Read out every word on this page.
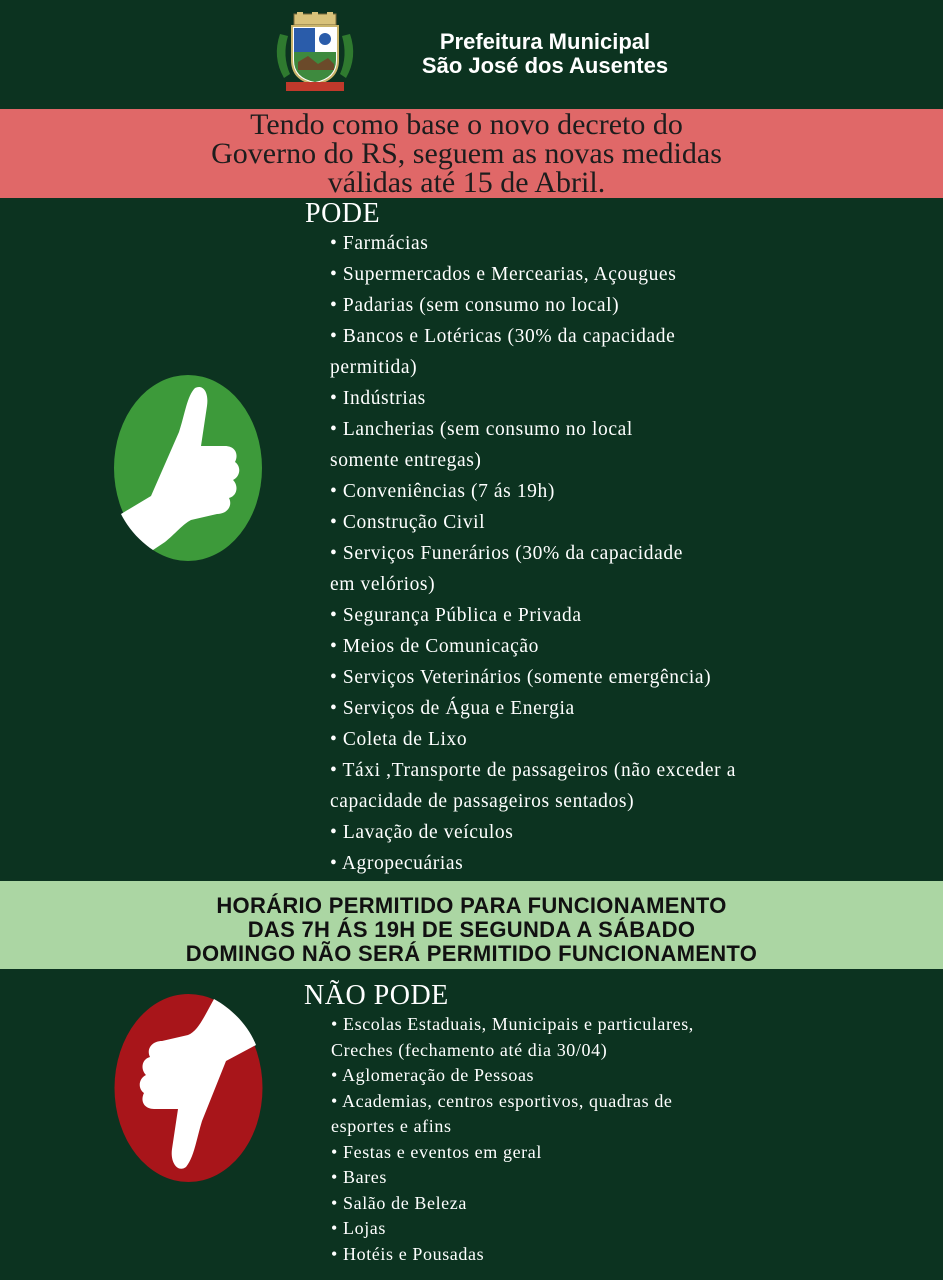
Prefeitura Municipal
São José dos Ausentes
Tendo como base o novo decreto do
Governo do RS, seguem as novas medidas
válidas até 15 de Abril.
PODE
• Farmácias
• Supermercados e Mercearias, Açougues
• Padarias (sem consumo no local)
• Bancos e Lotéricas (30% da capacidade
permitida)
• Indústrias
• Lancherias (sem consumo no local
somente entregas)
• Conveniências (7 ás 19h)
• Construção Civil
• Serviços Funerários (30% da capacidade
em velórios)
• Segurança Pública e Privada
• Meios de Comunicação
• Serviços Veterinários (somente emergência)
• Serviços de Água e Energia
• Coleta de Lixo
• Táxi ,Transporte de passageiros (não exceder a
capacidade de passageiros sentados)
• Lavação de veículos
• Agropecuárias
HORÁRIO PERMITIDO PARA FUNCIONAMENTO
DAS 7H ÁS 19H DE SEGUNDA A SÁBADO
DOMINGO NÃO SERÁ PERMITIDO FUNCIONAMENTO
NÃO PODE
• Escolas Estaduais, Municipais e particulares,
Creches (fechamento até dia 30/04)
• Aglomeração de Pessoas
• Academias, centros esportivos, quadras de
esportes e afins
• Festas e eventos em geral
• Bares
• Salão de Beleza
• Lojas
• Hotéis e Pousadas
